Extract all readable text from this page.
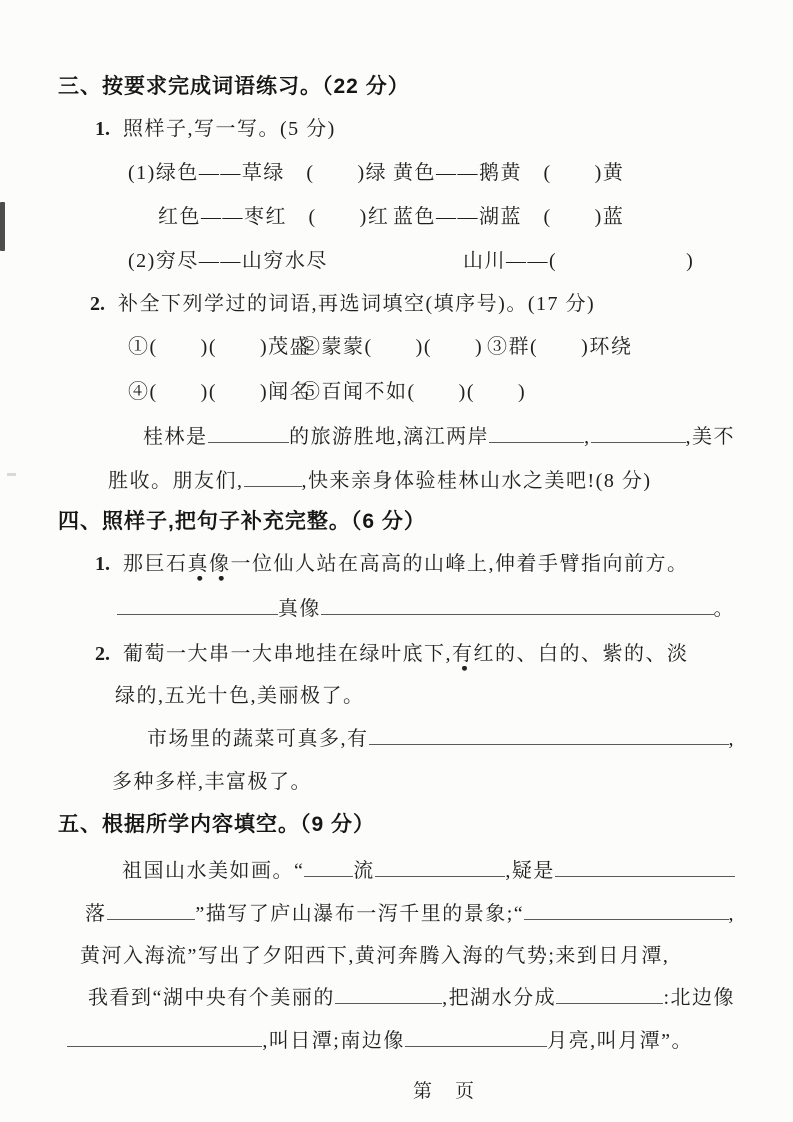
三、按要求完成词语练习。（22 分）
1. 照样子,写一写。(5 分)
(1)绿色——草绿　(　　)绿 黄色——鹅黄　(　　)黄
红色——枣红　(　　)红 蓝色——湖蓝　(　　)蓝
(2)穷尽——山穷水尽	山川——(　　　　　　)
2. 补全下列学过的词语,再选词填空(填序号)。(17 分)
①(　　)(　　)茂盛
②蒙蒙(　　)(　　) ③群(　　)环绕
④(　　)(　　)闻名
⑤百闻不如(　　)(　　)
桂林是	的旅游胜地,漓江两岸	,	,美不
胜收。朋友们,	,快来亲身体验桂林山水之美吧!(8 分)
四、照样子,把句子补充完整。（6 分）
1. 那巨石 真像 一位仙人站在高高的山峰上,伸着手臂指向前方。
真像	。
2. 葡萄一大串一大串地挂在绿叶底下, 有 红的、白的、紫的、淡
绿的,五光十色,美丽极了。
市场里的蔬菜可真多,有	,
多种多样,丰富极了。
五、根据所学内容填空。（9 分）
祖国山水美如画。“ 流	,疑是
落	”描写了庐山瀑布一泻千里的景象;“	,
黄河入海流”写出了夕阳西下,黄河奔腾入海的气势;来到日月潭,
我看到“湖中央有个美丽的	,把湖水分成	:北边像
,叫日潭;南边像	月亮,叫月潭”。
第　页
